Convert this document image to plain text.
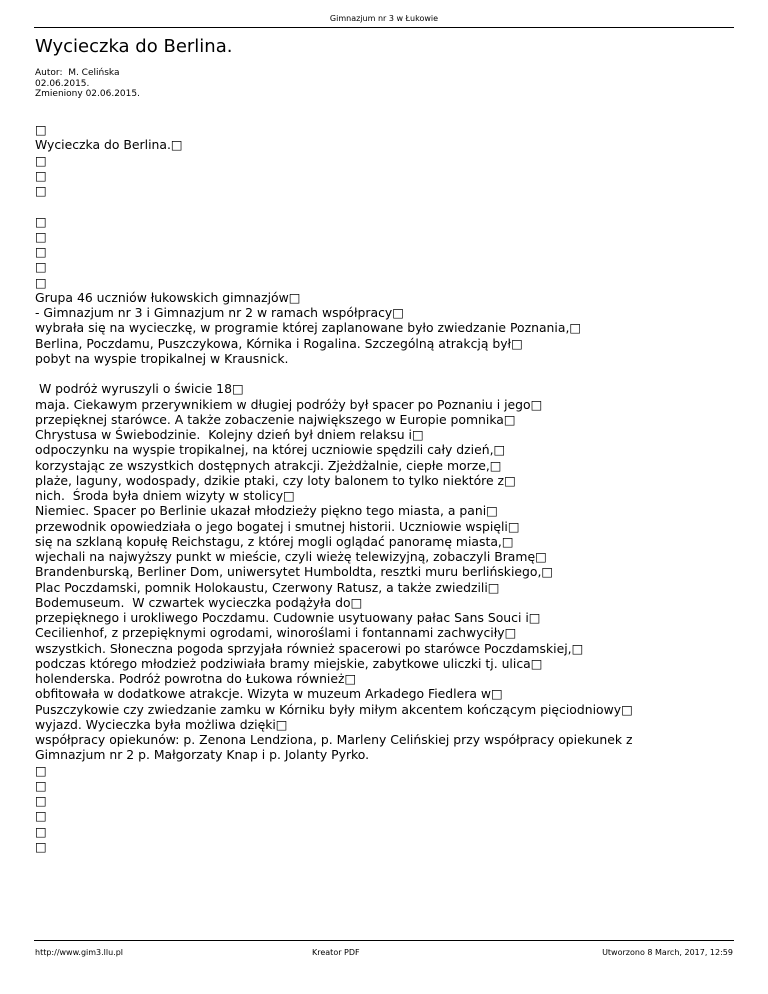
Gimnazjum nr 3 w Łukowie
Wycieczka do Berlina.
Autor:  M. Celińska
02.06.2015.
Zmieniony 02.06.2015.
□
Wycieczka do Berlina.□
□
□
□
□
□
□
□
□
Grupa 46 uczniów łukowskich gimnazjów□
- Gimnazjum nr 3 i Gimnazjum nr 2 w ramach współpracy□
wybrała się na wycieczkę, w programie której zaplanowane było zwiedzanie Poznania,□
Berlina, Poczdamu, Puszczykowa, Kórnika i Rogalina. Szczególną atrakcją był□
pobyt na wyspie tropikalnej w Krausnick.
W podróż wyruszyli o świcie 18□
maja. Ciekawym przerywnikiem w długiej podróży był spacer po Poznaniu i jego□
przepięknej starówce. A także zobaczenie największego w Europie pomnika□
Chrystusa w Świebodzinie.  Kolejny dzień był dniem relaksu i□
odpoczynku na wyspie tropikalnej, na której uczniowie spędzili cały dzień,□
korzystając ze wszystkich dostępnych atrakcji. Zjeżdżalnie, ciepłe morze,□
plaże, laguny, wodospady, dzikie ptaki, czy loty balonem to tylko niektóre z□
nich.  Środa była dniem wizyty w stolicy□
Niemiec. Spacer po Berlinie ukazał młodzieży piękno tego miasta, a pani□
przewodnik opowiedziała o jego bogatej i smutnej historii. Uczniowie wspięli□
się na szklaną kopułę Reichstagu, z której mogli oglądać panoramę miasta,□
wjechali na najwyższy punkt w mieście, czyli wieżę telewizyjną, zobaczyli Bramę□
Brandenburską, Berliner Dom, uniwersytet Humboldta, resztki muru berlińskiego,□
Plac Poczdamski, pomnik Holokaustu, Czerwony Ratusz, a także zwiedzili□
Bodemuseum.  W czwartek wycieczka podążyła do□
przepięknego i urokliwego Poczdamu. Cudownie usytuowany pałac Sans Souci i□
Cecilienhof, z przepięknymi ogrodami, winoroślami i fontannami zachwyciły□
wszystkich. Słoneczna pogoda sprzyjała również spacerowi po starówce Poczdamskiej,□
podczas którego młodzież podziwiała bramy miejskie, zabytkowe uliczki tj. ulica□
holenderska. Podróż powrotna do Łukowa również□
obfitowała w dodatkowe atrakcje. Wizyta w muzeum Arkadego Fiedlera w□
Puszczykowie czy zwiedzanie zamku w Kórniku były miłym akcentem kończącym pięciodniowy□
wyjazd. Wycieczka była możliwa dzięki□
współpracy opiekunów: p. Zenona Lendziona, p. Marleny Celińskiej przy współpracy opiekunek z
Gimnazjum nr 2 p. Małgorzaty Knap i p. Jolanty Pyrko.
□
□
□
□
□
□
http://www.gim3.llu.pl	Kreator PDF	Utworzono 8 March, 2017, 12:59
